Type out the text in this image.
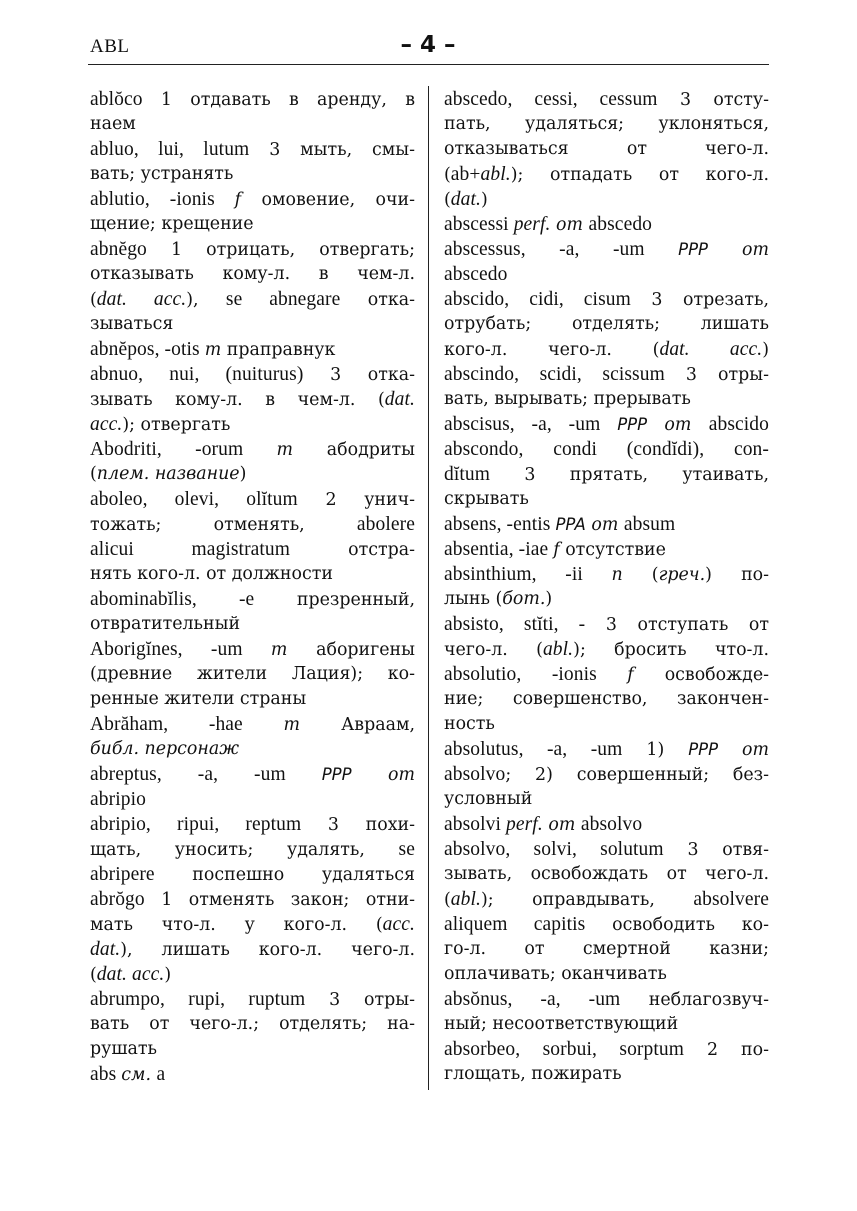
ABL	– 4 –
ablŏco 1 отдавать в аренду, в
наем
abluo, lui, lutum 3 мыть, смы-
вать; устранять
ablutio, -ionis f омовение, очи-
щение; крещение
abnĕgo 1 отрицать, отвергать;
отказывать кому-л. в чем-л.
(dat. acc.), se abnegare отка-
зываться
abnĕpos, -otis m праправнук
abnuo, nui, (nuiturus) 3 отка-
зывать кому-л. в чем-л. (dat.
acc.); отвергать
Abodriti, -orum m абодриты
(плем. название)
aboleo, olevi, olĭtum 2 унич-
тожать; отменять, abolere
alicui magistratum отстра-
нять кого-л. от должности
abominabĭlis, -e презренный,
отвратительный
Aborigĭnes, -um m аборигены
(древние жители Лация); ко-
ренные жители страны
Abrăham, -hae m Авраам,
библ. персонаж
abreptus, -a, -um PPP от
abripio
abripio, ripui, reptum 3 похи-
щать, уносить; удалять, se
abripere поспешно удаляться
abrŏgo 1 отменять закон; отни-
мать что-л. у кого-л. (acc.
dat.), лишать кого-л. чего-л.
(dat. acc.)
abrumpo, rupi, ruptum 3 отры-
вать от чего-л.; отделять; на-
рушать
abs см. a
abscedo, cessi, cessum 3 отсту-
пать, удаляться; уклоняться,
отказываться от чего-л.
(ab+abl.); отпадать от кого-л.
(dat.)
abscessi perf. от abscedo
abscessus, -a, -um PPP от
abscedo
abscido, cidi, cisum 3 отрезать,
отрубать; отделять; лишать
кого-л. чего-л. (dat. acc.)
abscindo, scidi, scissum 3 отры-
вать, вырывать; прерывать
abscisus, -a, -um PPP от abscido
abscondo, condi (condĭdi), con-
dĭtum 3 прятать, утаивать,
скрывать
absens, -entis PPA от absum
absentia, -iae f отсутствие
absinthium, -ii n (греч.) по-
лынь (бот.)
absisto, stĭti, - 3 отступать от
чего-л. (abl.); бросить что-л.
absolutio, -ionis f освобожде-
ние; совершенство, закончен-
ность
absolutus, -a, -um 1) PPP от
absolvo; 2) совершенный; без-
условный
absolvi perf. от absolvo
absolvo, solvi, solutum 3 отвя-
зывать, освобождать от чего-л.
(abl.); оправдывать, absolvere
aliquem capitis освободить ко-
го-л. от смертной казни;
оплачивать; оканчивать
absŏnus, -a, -um неблагозвуч-
ный; несоответствующий
absorbeo, sorbui, sorptum 2 по-
глощать, пожирать
